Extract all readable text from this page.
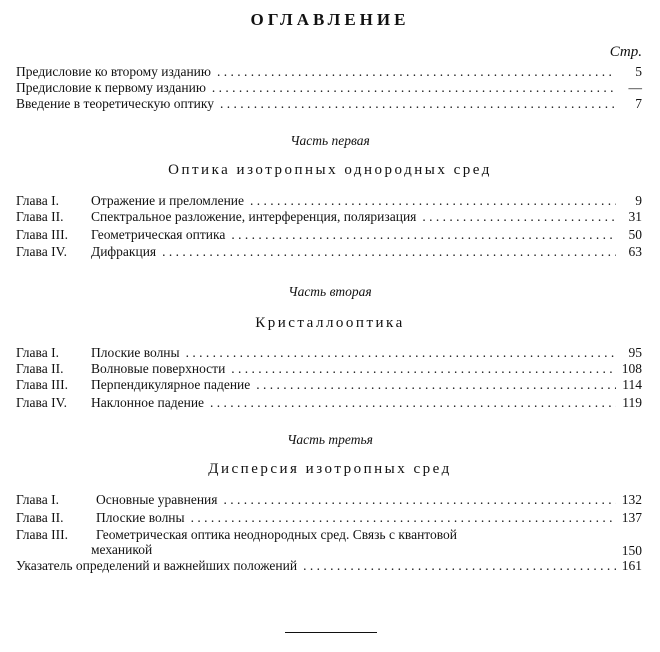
ОГЛАВЛЕНИЕ
Стр.
Предисловие ко второму изданию . . .	5
Предисловие к первому изданию . . .	—
Введение в теоретическую оптику . . .	7
Часть первая
Оптика изотропных однородных сред
Глава I.	Отражение и преломление . . .	9
Глава II.	Спектральное разложение, интерференция, поляризация . . .	31
Глава III.	Геометрическая оптика . . .	50
Глава IV.	Дифракция . . .	63
Часть вторая
Кристаллооптика
Глава I.	Плоские волны . . .	95
Глава II.	Волновые поверхности . . .	108
Глава III.	Перпендикулярное падение . . .	114
Глава IV.	Наклонное падение . . .	119
Часть третья
Дисперсия изотропных сред
Глава I.	Основные уравнения . . .	132
Глава II.	Плоские волны . . .	137
Глава III.	Геометрическая оптика неоднородных сред. Связь с квантовой
механикой	150
Указатель определений и важнейших положений . . .	161
